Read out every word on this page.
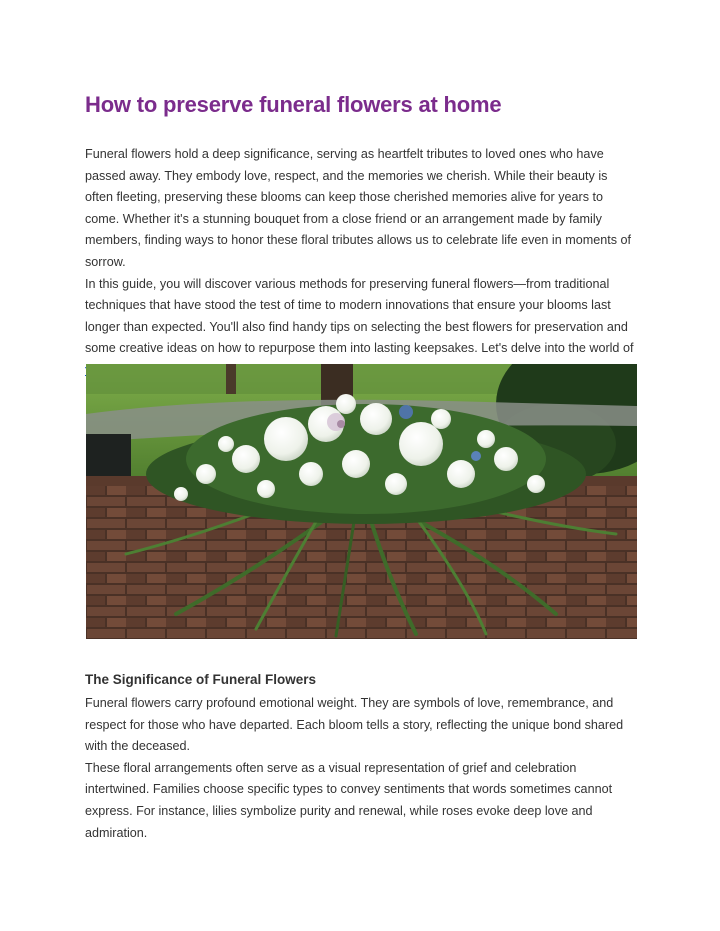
How to preserve funeral flowers at home

Funeral flowers hold a deep significance, serving as heartfelt tributes to loved ones who have passed away. They embody love, respect, and the memories we cherish. While their beauty is often fleeting, preserving these blooms can keep those cherished memories alive for years to come. Whether it's a stunning bouquet from a close friend or an arrangement made by family members, finding ways to honor these floral tributes allows us to celebrate life even in moments of sorrow.

In this guide, you will discover various methods for preserving funeral flowers—from traditional techniques that have stood the test of time to modern innovations that ensure your blooms last longer than expected. You'll also find handy tips on selecting the best flowers for preservation and some creative ideas on how to repurpose them into lasting keepsakes. Let's delve into the world of

The Significance of Funeral Flowers

Funeral flowers carry profound emotional weight. They are symbols of love, remembrance, and respect for those who have departed. Each bloom tells a story, reflecting the unique bond shared with the deceased.

These floral arrangements often serve as a visual representation of grief and celebration intertwined. Families choose specific types to convey sentiments that words sometimes cannot express. For instance, lilies symbolize purity and renewal, while roses evoke deep love and admiration.
